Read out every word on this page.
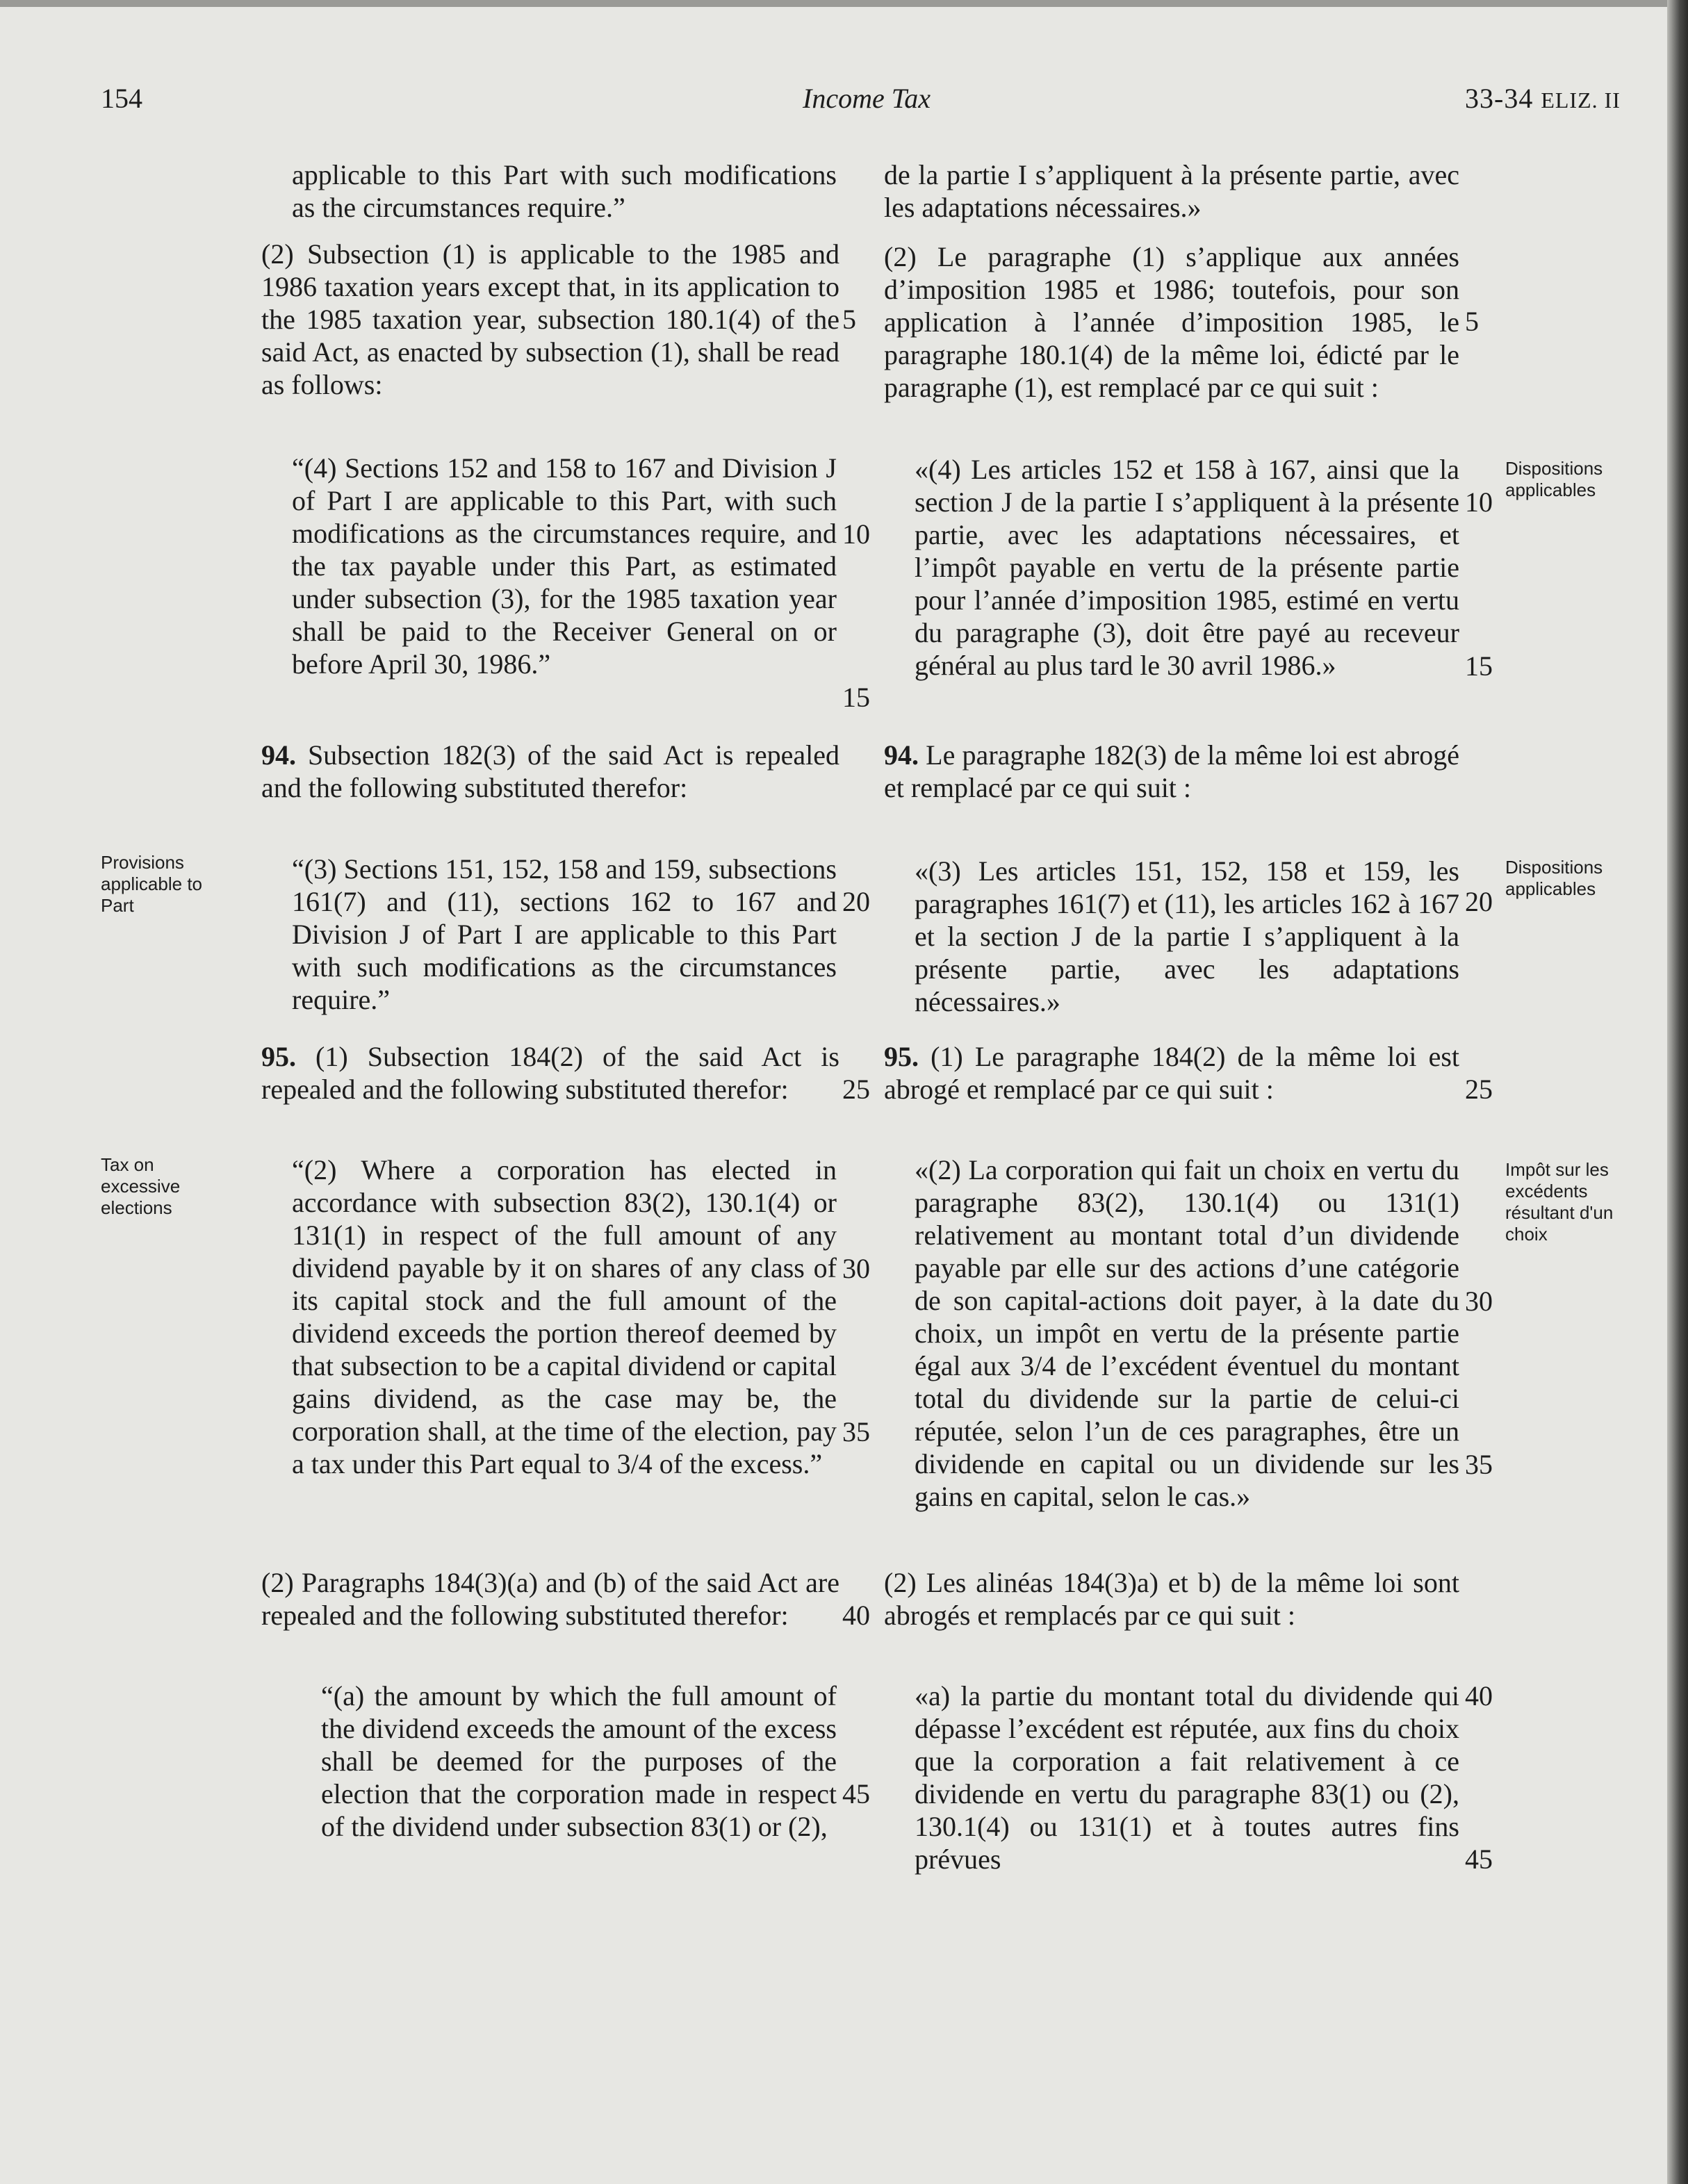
154	Income Tax	33-34 ELIZ. II
Provisions applicable to Part
Tax on excessive elections
Dispositions applicables
Dispositions applicables
Impôt sur les excédents résultant d'un choix
applicable to this Part with such modifications as the circumstances require.”
(2) Subsection (1) is applicable to the 1985 and 1986 taxation years except that, in its application to the 1985 taxation year, subsection 180.1(4) of the said Act, as enacted by subsection (1), shall be read as follows:
“(4) Sections 152 and 158 to 167 and Division J of Part I are applicable to this Part, with such modifications as the circumstances require, and the tax payable under this Part, as estimated under subsection (3), for the 1985 taxation year shall be paid to the Receiver General on or before April 30, 1986.”
94. Subsection 182(3) of the said Act is repealed and the following substituted therefor:
“(3) Sections 151, 152, 158 and 159, subsections 161(7) and (11), sections 162 to 167 and Division J of Part I are applicable to this Part with such modifications as the circumstances require.”
95. (1) Subsection 184(2) of the said Act is repealed and the following substituted therefor:
“(2) Where a corporation has elected in accordance with subsection 83(2), 130.1(4) or 131(1) in respect of the full amount of any dividend payable by it on shares of any class of its capital stock and the full amount of the dividend exceeds the portion thereof deemed by that subsection to be a capital dividend or capital gains dividend, as the case may be, the corporation shall, at the time of the election, pay a tax under this Part equal to 3/4 of the excess.”
(2) Paragraphs 184(3)(a) and (b) of the said Act are repealed and the following substituted therefor:
“(a) the amount by which the full amount of the dividend exceeds the amount of the excess shall be deemed for the purposes of the election that the corporation made in respect of the dividend under subsection 83(1) or (2),
de la partie I s’appliquent à la présente partie, avec les adaptations nécessaires.»
(2) Le paragraphe (1) s’applique aux années d’imposition 1985 et 1986; toutefois, pour son application à l’année d’imposition 1985, le paragraphe 180.1(4) de la même loi, édicté par le paragraphe (1), est remplacé par ce qui suit :
«(4) Les articles 152 et 158 à 167, ainsi que la section J de la partie I s’appliquent à la présente partie, avec les adaptations nécessaires, et l’impôt payable en vertu de la présente partie pour l’année d’imposition 1985, estimé en vertu du paragraphe (3), doit être payé au receveur général au plus tard le 30 avril 1986.»
94. Le paragraphe 182(3) de la même loi est abrogé et remplacé par ce qui suit :
«(3) Les articles 151, 152, 158 et 159, les paragraphes 161(7) et (11), les articles 162 à 167 et la section J de la partie I s’appliquent à la présente partie, avec les adaptations nécessaires.»
95. (1) Le paragraphe 184(2) de la même loi est abrogé et remplacé par ce qui suit :
«(2) La corporation qui fait un choix en vertu du paragraphe 83(2), 130.1(4) ou 131(1) relativement au montant total d’un dividende payable par elle sur des actions d’une catégorie de son capital-actions doit payer, à la date du choix, un impôt en vertu de la présente partie égal aux 3/4 de l’excédent éventuel du montant total du dividende sur la partie de celui-ci réputée, selon l’un de ces paragraphes, être un dividende en capital ou un dividende sur les gains en capital, selon le cas.»
(2) Les alinéas 184(3)a) et b) de la même loi sont abrogés et remplacés par ce qui suit :
«a) la partie du montant total du dividende qui dépasse l’excédent est réputée, aux fins du choix que la corporation a fait relativement à ce dividende en vertu du paragraphe 83(1) ou (2), 130.1(4) ou 131(1) et à toutes autres fins prévues
5
10
15
20
25
30
35
40
45
5
10
15
20
25
30
35
40
45
